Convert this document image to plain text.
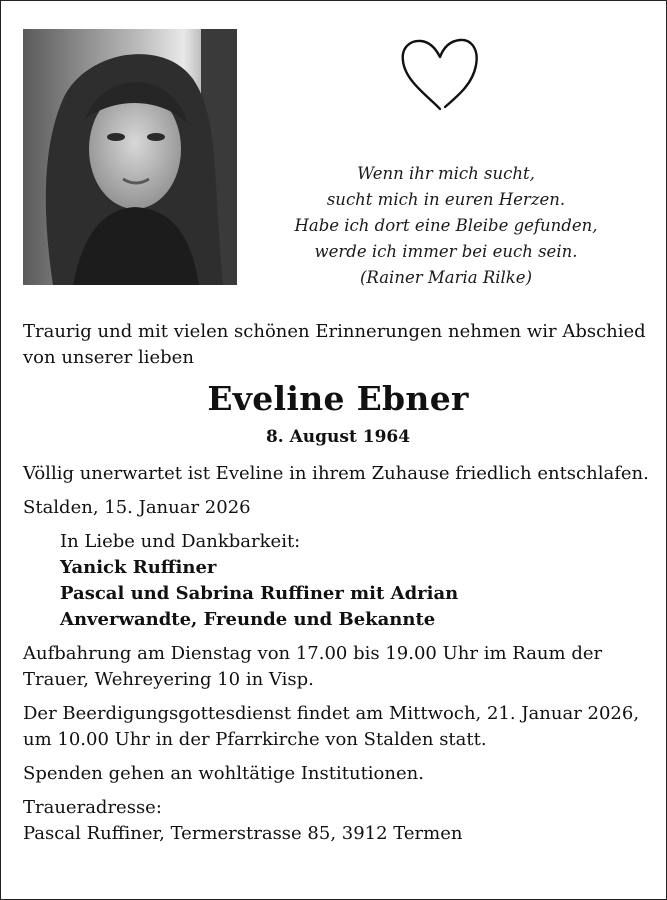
Wenn ihr mich sucht,
sucht mich in euren Herzen.
Habe ich dort eine Bleibe gefunden,
werde ich immer bei euch sein.
(Rainer Maria Rilke)

Traurig und mit vielen schönen Erinnerungen nehmen wir Abschied von unserer lieben

Eveline Ebner
8. August 1964

Völlig unerwartet ist Eveline in ihrem Zuhause friedlich entschlafen.

Stalden, 15. Januar 2026

In Liebe und Dankbarkeit:
Yanick Ruffiner
Pascal und Sabrina Ruffiner mit Adrian
Anverwandte, Freunde und Bekannte

Aufbahrung am Dienstag von 17.00 bis 19.00 Uhr im Raum der Trauer, Wehreyering 10 in Visp.

Der Beerdigungsgottesdienst findet am Mittwoch, 21. Januar 2026, um 10.00 Uhr in der Pfarrkirche von Stalden statt.

Spenden gehen an wohltätige Institutionen.

Traueradresse:
Pascal Ruffiner, Termerstrasse 85, 3912 Termen
